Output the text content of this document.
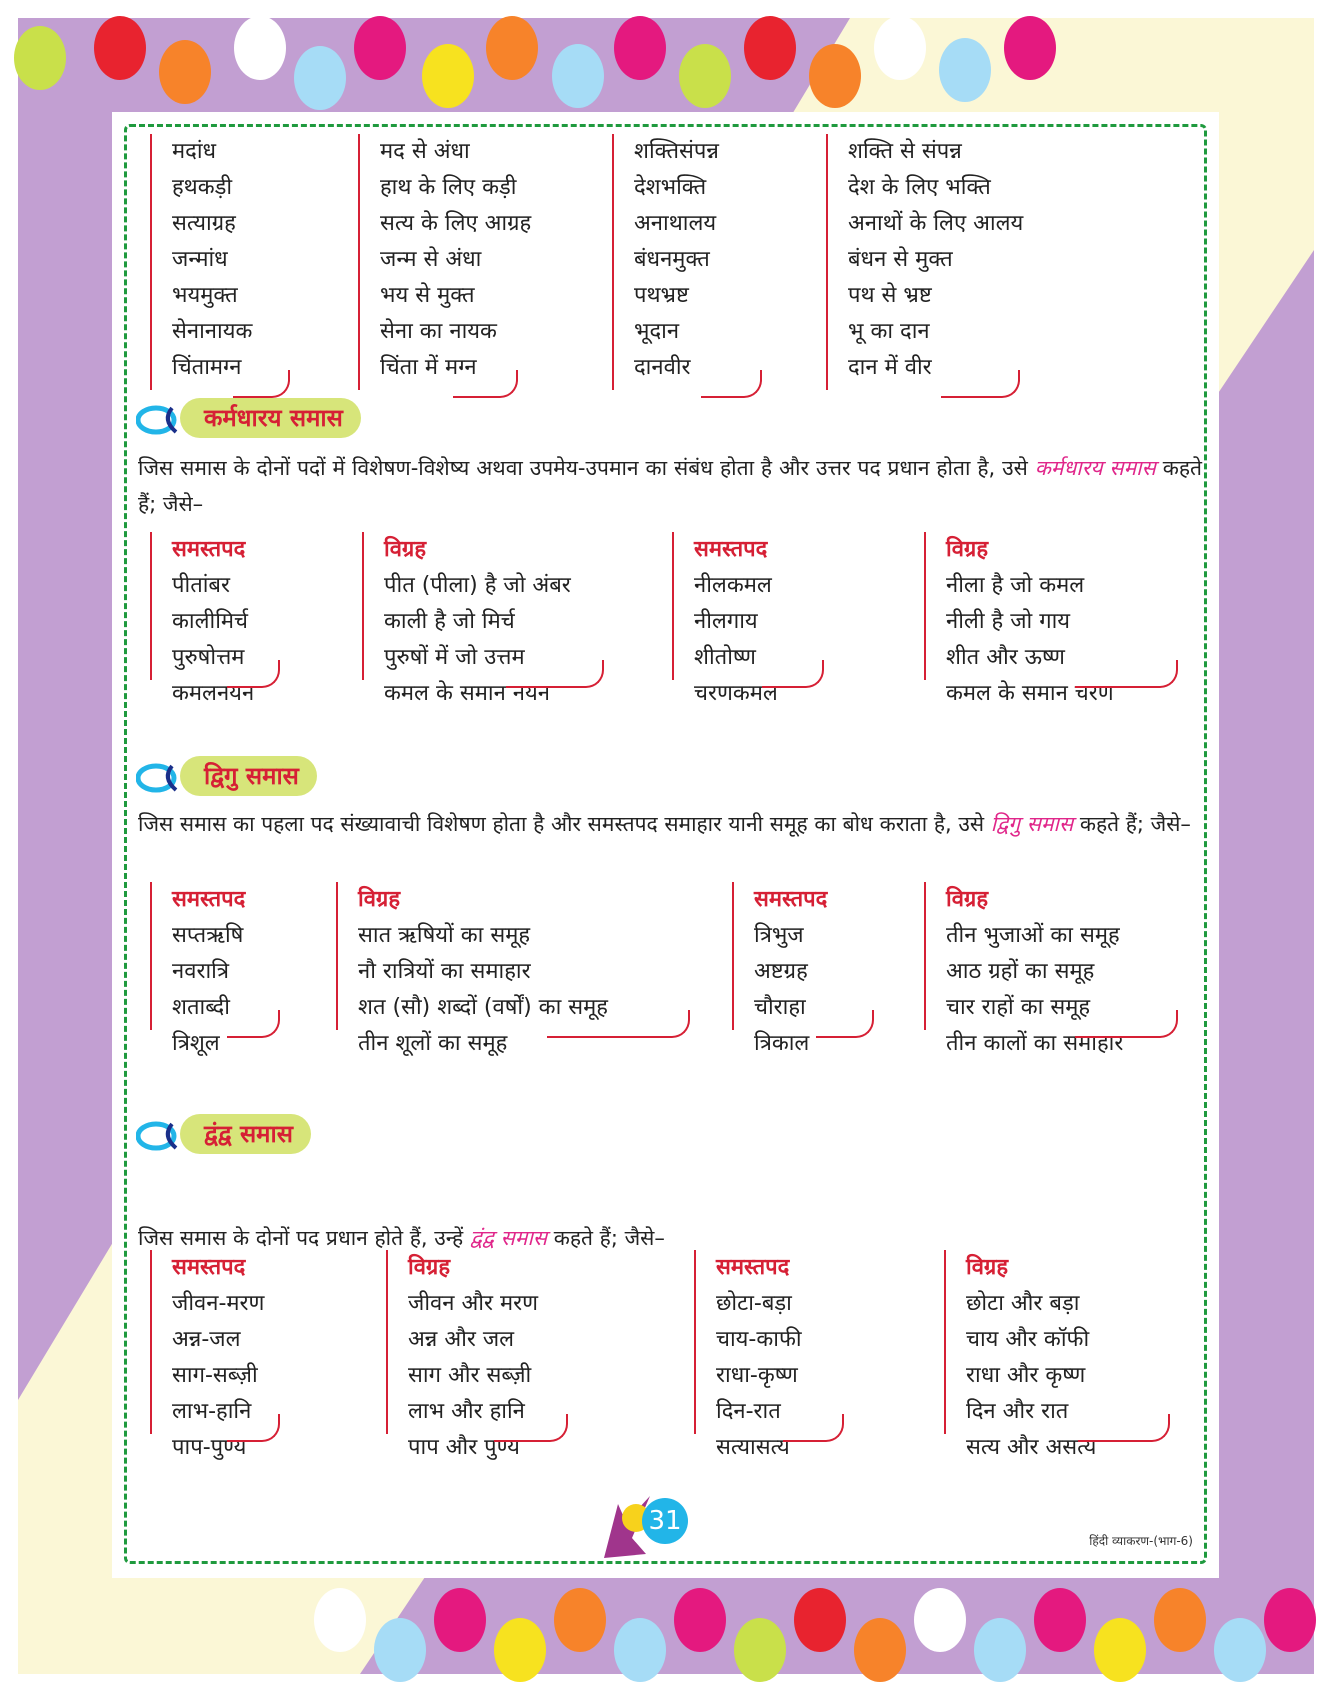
मदांध
हथकड़ी
सत्याग्रह
जन्मांध
भयमुक्त
सेनानायक
चिंतामग्न
मद से अंधा
हाथ के लिए कड़ी
सत्य के लिए आग्रह
जन्म से अंधा
भय से मुक्त
सेना का नायक
चिंता में मग्न
शक्तिसंपन्न
देशभक्ति
अनाथालय
बंधनमुक्त
पथभ्रष्ट
भूदान
दानवीर
शक्ति से संपन्न
देश के लिए भक्ति
अनाथों के लिए आलय
बंधन से मुक्त
पथ से भ्रष्ट
भू का दान
दान में वीर
कर्मधारय समास
जिस समास के दोनों पदों में विशेषण-विशेष्य अथवा उपमेय-उपमान का संबंध होता है और उत्तर पद प्रधान होता है, उसे कर्मधारय समास कहते हैं; जैसे–
समस्तपद
पीतांबर
कालीमिर्च
पुरुषोत्तम
कमलनयन
विग्रह
पीत (पीला) है जो अंबर
काली है जो मिर्च
पुरुषों में जो उत्तम
कमल के समान नयन
समस्तपद
नीलकमल
नीलगाय
शीतोष्ण
चरणकमल
विग्रह
नीला है जो कमल
नीली है जो गाय
शीत और ऊष्ण
कमल के समान चरण
द्विगु समास
जिस समास का पहला पद संख्यावाची विशेषण होता है और समस्तपद समाहार यानी समूह का बोध कराता है, उसे द्विगु समास कहते हैं; जैसे–
समस्तपद
सप्तऋषि
नवरात्रि
शताब्दी
त्रिशूल
विग्रह
सात ऋषियों का समूह
नौ रात्रियों का समाहार
शत (सौ) शब्दों (वर्षों) का समूह
तीन शूलों का समूह
समस्तपद
त्रिभुज
अष्टग्रह
चौराहा
त्रिकाल
विग्रह
तीन भुजाओं का समूह
आठ ग्रहों का समूह
चार राहों का समूह
तीन कालों का समाहार
द्वंद्व समास
जिस समास के दोनों पद प्रधान होते हैं, उन्हें द्वंद्व समास कहते हैं; जैसे–
समस्तपद
जीवन-मरण
अन्न-जल
साग-सब्ज़ी
लाभ-हानि
पाप-पुण्य
विग्रह
जीवन और मरण
अन्न और जल
साग और सब्ज़ी
लाभ और हानि
पाप और पुण्य
समस्तपद
छोटा-बड़ा
चाय-काफी
राधा-कृष्ण
दिन-रात
सत्यासत्य
विग्रह
छोटा और बड़ा
चाय और कॉफी
राधा और कृष्ण
दिन और रात
सत्य और असत्य
31
हिंदी व्याकरण-(भाग-6)
